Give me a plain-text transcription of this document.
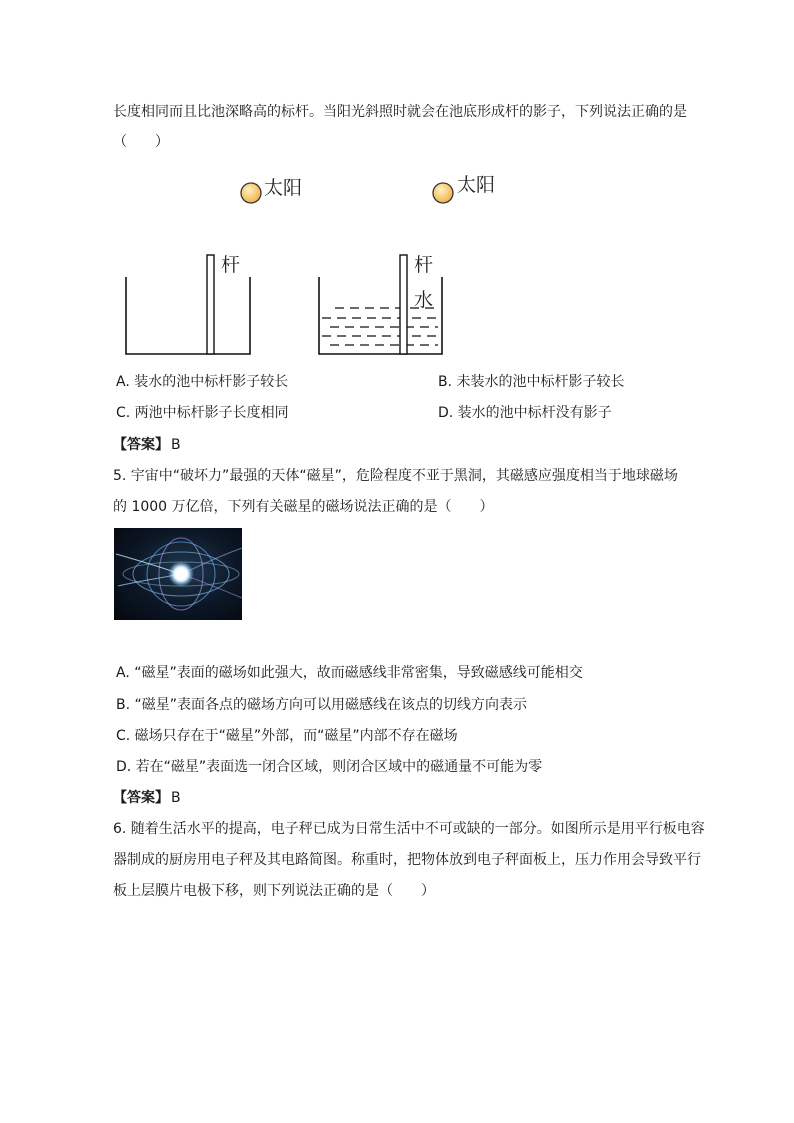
长度相同而且比池深略高的标杆。当阳光斜照时就会在池底形成杆的影子，下列说法正确的是
（　　）
太阳
杆
太阳
杆
水
A. 装水的池中标杆影子较长	B. 未装水的池中标杆影子较长
C. 两池中标杆影子长度相同	D. 装水的池中标杆没有影子
【答案】 B
5. 宇宙中“破坏力”最强的天体“磁星”，危险程度不亚于黑洞，其磁感应强度相当于地球磁场
的 1000 万亿倍，下列有关磁星的磁场说法正确的是（　　）
A. “磁星”表面的磁场如此强大，故而磁感线非常密集，导致磁感线可能相交
B. “磁星”表面各点的磁场方向可以用磁感线在该点的切线方向表示
C. 磁场只存在于“磁星”外部，而“磁星”内部不存在磁场
D. 若在“磁星”表面选一闭合区域，则闭合区域中的磁通量不可能为零
【答案】 B
6. 随着生活水平的提高，电子秤已成为日常生活中不可或缺的一部分。如图所示是用平行板电容
器制成的厨房用电子秤及其电路简图。称重时，把物体放到电子秤面板上，压力作用会导致平行
板上层膜片电极下移，则下列说法正确的是（　　）
